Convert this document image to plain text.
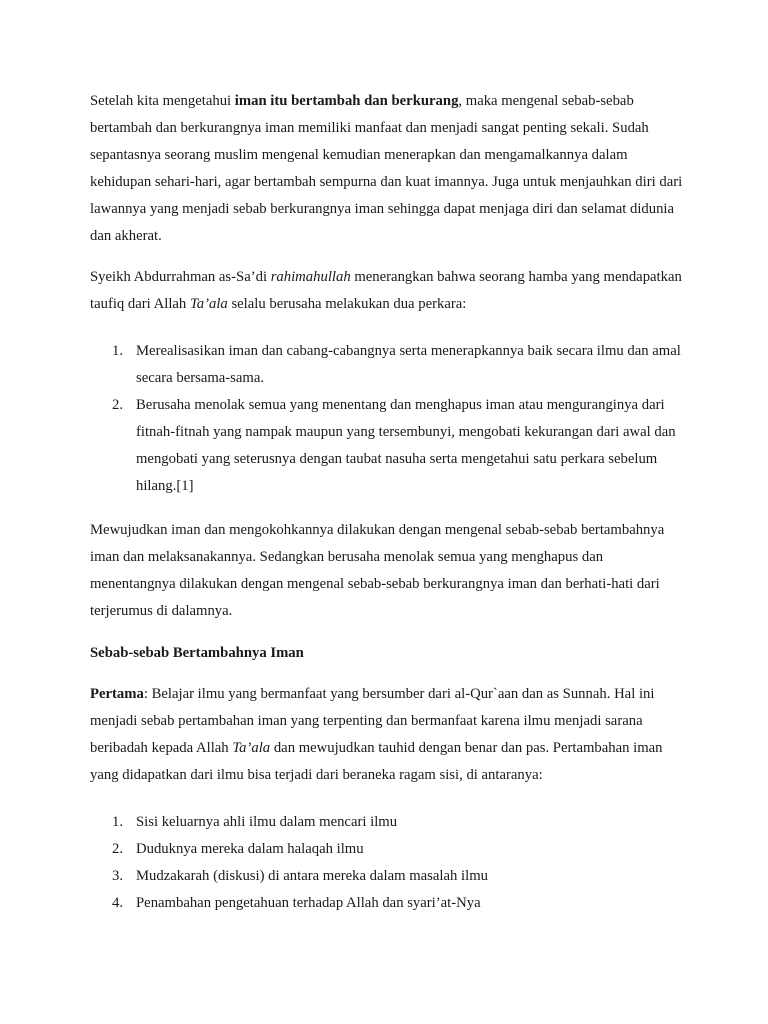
Setelah kita mengetahui iman itu bertambah dan berkurang, maka mengenal sebab-sebab bertambah dan berkurangnya iman memiliki manfaat dan menjadi sangat penting sekali. Sudah sepantasnya seorang muslim mengenal kemudian menerapkan dan mengamalkannya dalam kehidupan sehari-hari, agar bertambah sempurna dan kuat imannya. Juga untuk menjauhkan diri dari lawannya yang menjadi sebab berkurangnya iman sehingga dapat menjaga diri dan selamat didunia dan akherat.

Syeikh Abdurrahman as-Sa’di rahimahullah menerangkan bahwa seorang hamba yang mendapatkan taufiq dari Allah Ta’ala selalu berusaha melakukan dua perkara:

1. Merealisasikan iman dan cabang-cabangnya serta menerapkannya baik secara ilmu dan amal secara bersama-sama.
2. Berusaha menolak semua yang menentang dan menghapus iman atau menguranginya dari fitnah-fitnah yang nampak maupun yang tersembunyi, mengobati kekurangan dari awal dan mengobati yang seterusnya dengan taubat nasuha serta mengetahui satu perkara sebelum hilang.[1]

Mewujudkan iman dan mengokohkannya dilakukan dengan mengenal sebab-sebab bertambahnya iman dan melaksanakannya. Sedangkan berusaha menolak semua yang menghapus dan menentangnya dilakukan dengan mengenal sebab-sebab berkurangnya iman dan berhati-hati dari terjerumus di dalamnya.

Sebab-sebab Bertambahnya Iman

Pertama: Belajar ilmu yang bermanfaat yang bersumber dari al-Qur`aan dan as Sunnah. Hal ini menjadi sebab pertambahan iman yang terpenting dan bermanfaat karena ilmu menjadi sarana beribadah kepada Allah Ta’ala dan mewujudkan tauhid dengan benar dan pas. Pertambahan iman yang didapatkan dari ilmu bisa terjadi dari beraneka ragam sisi, di antaranya:

1. Sisi keluarnya ahli ilmu dalam mencari ilmu
2. Duduknya mereka dalam halaqah ilmu
3. Mudzakarah (diskusi) di antara mereka dalam masalah ilmu
4. Penambahan pengetahuan terhadap Allah dan syari’at-Nya
